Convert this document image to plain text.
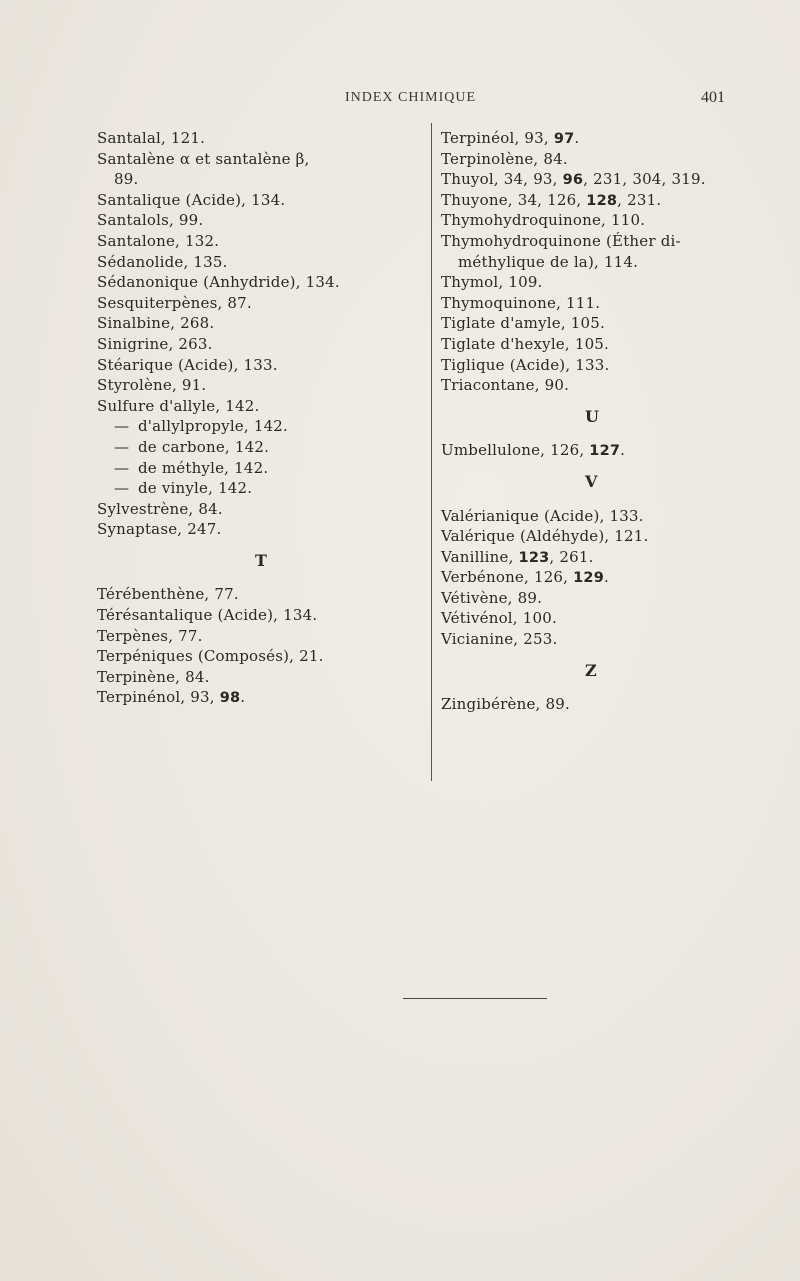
INDEX CHIMIQUE	401
Santalal, 121.
Santalène α et santalène β,
89.
Santalique (Acide), 134.
Santalols, 99.
Santalone, 132.
Sédanolide, 135.
Sédanonique (Anhydride), 134.
Sesquiterpènes, 87.
Sinalbine, 268.
Sinigrine, 263.
Stéarique (Acide), 133.
Styrolène, 91.
Sulfure d'allyle, 142.
— d'allylpropyle, 142.
— de carbone, 142.
— de méthyle, 142.
— de vinyle, 142.
Sylvestrène, 84.
Synaptase, 247.
T
Térébenthène, 77.
Térésantalique (Acide), 134.
Terpènes, 77.
Terpéniques (Composés), 21.
Terpinène, 84.
Terpinénol, 93, 98.
Terpinéol, 93, 97.
Terpinolène, 84.
Thuyol, 34, 93, 96, 231, 304, 319.
Thuyone, 34, 126, 128, 231.
Thymohydroquinone, 110.
Thymohydroquinone (Éther di-
méthylique de la), 114.
Thymol, 109.
Thymoquinone, 111.
Tiglate d'amyle, 105.
Tiglate d'hexyle, 105.
Tiglique (Acide), 133.
Triacontane, 90.
U
Umbellulone, 126, 127.
V
Valérianique (Acide), 133.
Valérique (Aldéhyde), 121.
Vanilline, 123, 261.
Verbénone, 126, 129.
Vétivène, 89.
Vétivénol, 100.
Vicianine, 253.
Z
Zingibérène, 89.
